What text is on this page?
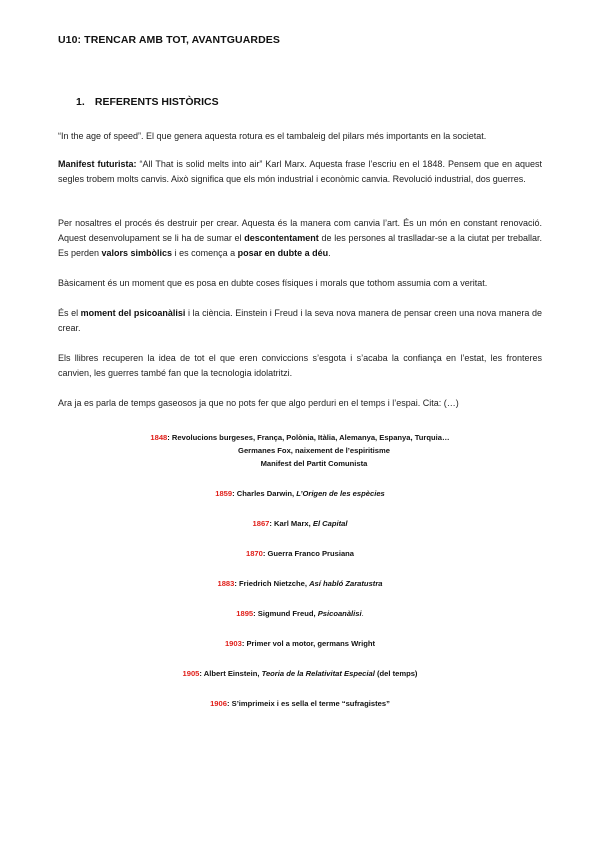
U10: TRENCAR AMB TOT, AVANTGUARDES
1. REFERENTS HISTÒRICS

“In the age of speed”. El que genera aquesta rotura es el tambaleig del pilars més importants en la societat.

Manifest futurista: “All That is solid melts into air” Karl Marx. Aquesta frase l’escriu en el 1848. Pensem que en aquest segles trobem molts canvis. Això significa que els món industrial i econòmic canvia. Revolució industrial, dos guerres.

Per nosaltres el procés és destruir per crear. Aquesta és la manera com canvia l’art. És un món en constant renovació. Aquest desenvolupament se li ha de sumar el descontentament de les persones al traslladar-se a la ciutat per treballar. Es perden valors simbòlics i es comença a posar en dubte a déu.

Bàsicament és un moment que es posa en dubte coses físiques i morals que tothom assumia com a veritat.

És el moment del psicoanàlisi i la ciència. Einstein i Freud i la seva nova manera de pensar creen una nova manera de crear.

Els llibres recuperen la idea de tot el que eren conviccions s’esgota i s’acaba la confiança en l’estat, les fronteres canvien, les guerres també fan que la tecnologia idolatritzi.

Ara ja es parla de temps gaseosos ja que no pots fer que algo perduri en el temps i l’espai. Cita: (…)

1848: Revolucions burgeses, França, Polònia, Itàlia, Alemanya, Espanya, Turquia…
Germanes Fox, naixement de l’espiritisme
Manifest del Partit Comunista

1859: Charles Darwin, L’Origen de les espècies

1867: Karl Marx, El Capital

1870: Guerra Franco Prusiana

1883: Friedrich Nietzche, Así habló Zaratustra

1895: Sigmund Freud, Psicoanàlisi.

1903: Primer vol a motor, germans Wright

1905: Albert Einstein, Teoria de la Relativitat Especial (del temps)

1906: S’imprimeix i es sella el terme “sufragistes”
